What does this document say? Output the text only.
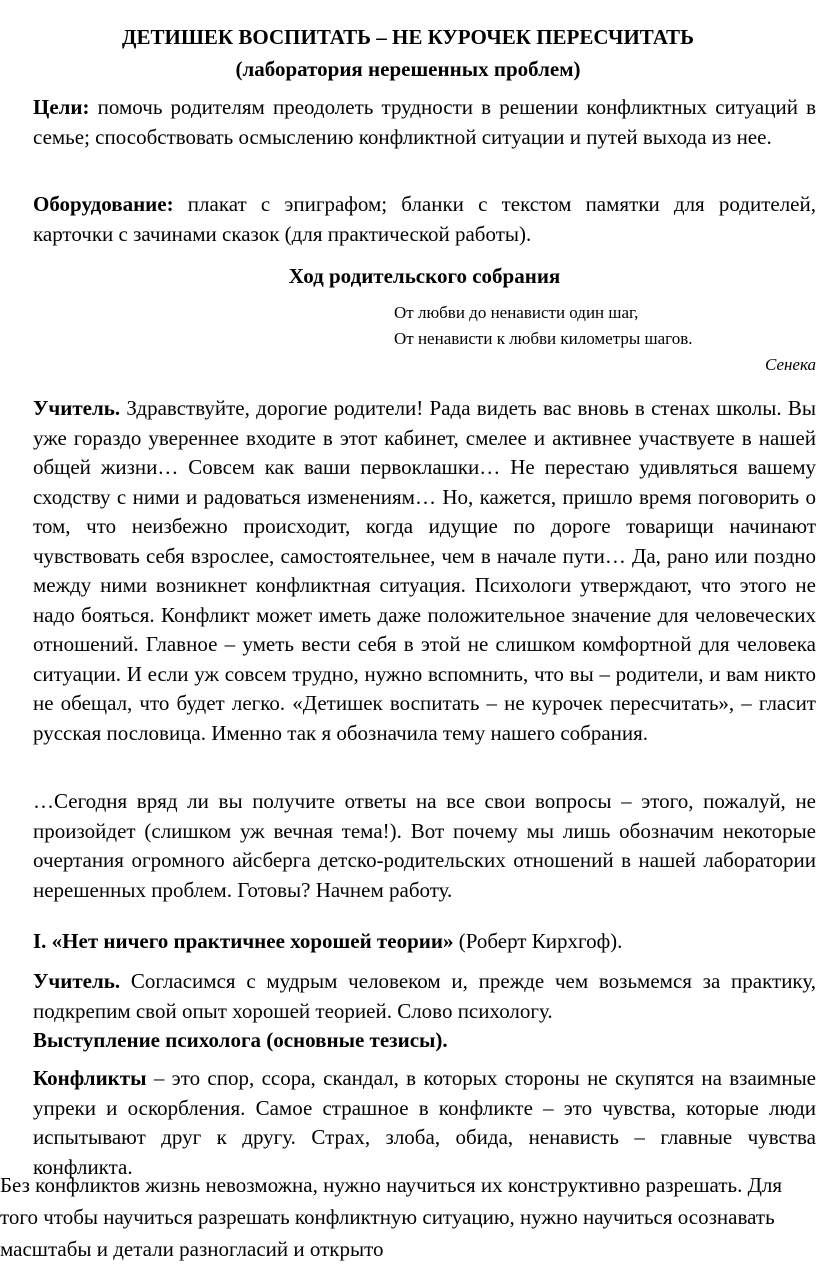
ДЕТИШЕК ВОСПИТАТЬ – НЕ КУРОЧЕК ПЕРЕСЧИТАТЬ
(лаборатория нерешенных проблем)
Цели: помочь родителям преодолеть трудности в решении конфликтных ситуаций в семье; способствовать осмыслению конфликтной ситуации и путей выхода из нее.
Оборудование: плакат с эпиграфом; бланки с текстом памятки для родителей, карточки с зачинами сказок (для практической работы).
Ход родительского собрания
От любви до ненависти один шаг,
От ненависти к любви километры шагов.
Сенека
Учитель. Здравствуйте, дорогие родители! Рада видеть вас вновь в стенах школы. Вы уже гораздо увереннее входите в этот кабинет, смелее и активнее участвуете в нашей общей жизни… Совсем как ваши первоклашки… Не перестаю удивляться вашему сходству с ними и радоваться изменениям… Но, кажется, пришло время поговорить о том, что неизбежно происходит, когда идущие по дороге товарищи начинают чувствовать себя взрослее, самостоятельнее, чем в начале пути… Да, рано или поздно между ними возникнет конфликтная ситуация. Психологи утверждают, что этого не надо бояться. Конфликт может иметь даже положительное значение для человеческих отношений. Главное – уметь вести себя в этой не слишком комфортной для человека ситуации. И если уж совсем трудно, нужно вспомнить, что вы – родители, и вам никто не обещал, что будет легко. «Детишек воспитать – не курочек пересчитать», – гласит русская пословица. Именно так я обозначила тему нашего собрания.
…Сегодня вряд ли вы получите ответы на все свои вопросы – этого, пожалуй, не произойдет (слишком уж вечная тема!). Вот почему мы лишь обозначим некоторые очертания огромного айсберга детско-родительских отношений в нашей лаборатории нерешенных проблем. Готовы? Начнем работу.
I. «Нет ничего практичнее хорошей теории» (Роберт Кирхгоф).
Учитель. Согласимся с мудрым человеком и, прежде чем возьмемся за практику, подкрепим свой опыт хорошей теорией. Слово психологу.
Выступление психолога (основные тезисы).
Конфликты – это спор, ссора, скандал, в которых стороны не скупятся на взаимные упреки и оскорбления. Самое страшное в конфликте – это чувства, которые люди испытывают друг к другу. Страх, злоба, обида, ненависть – главные чувства конфликта.
Без конфликтов жизнь невозможна, нужно научиться их конструктивно разрешать. Для того чтобы научиться разрешать конфликтную ситуацию, нужно научиться осознавать масштабы и детали разногласий и открыто
